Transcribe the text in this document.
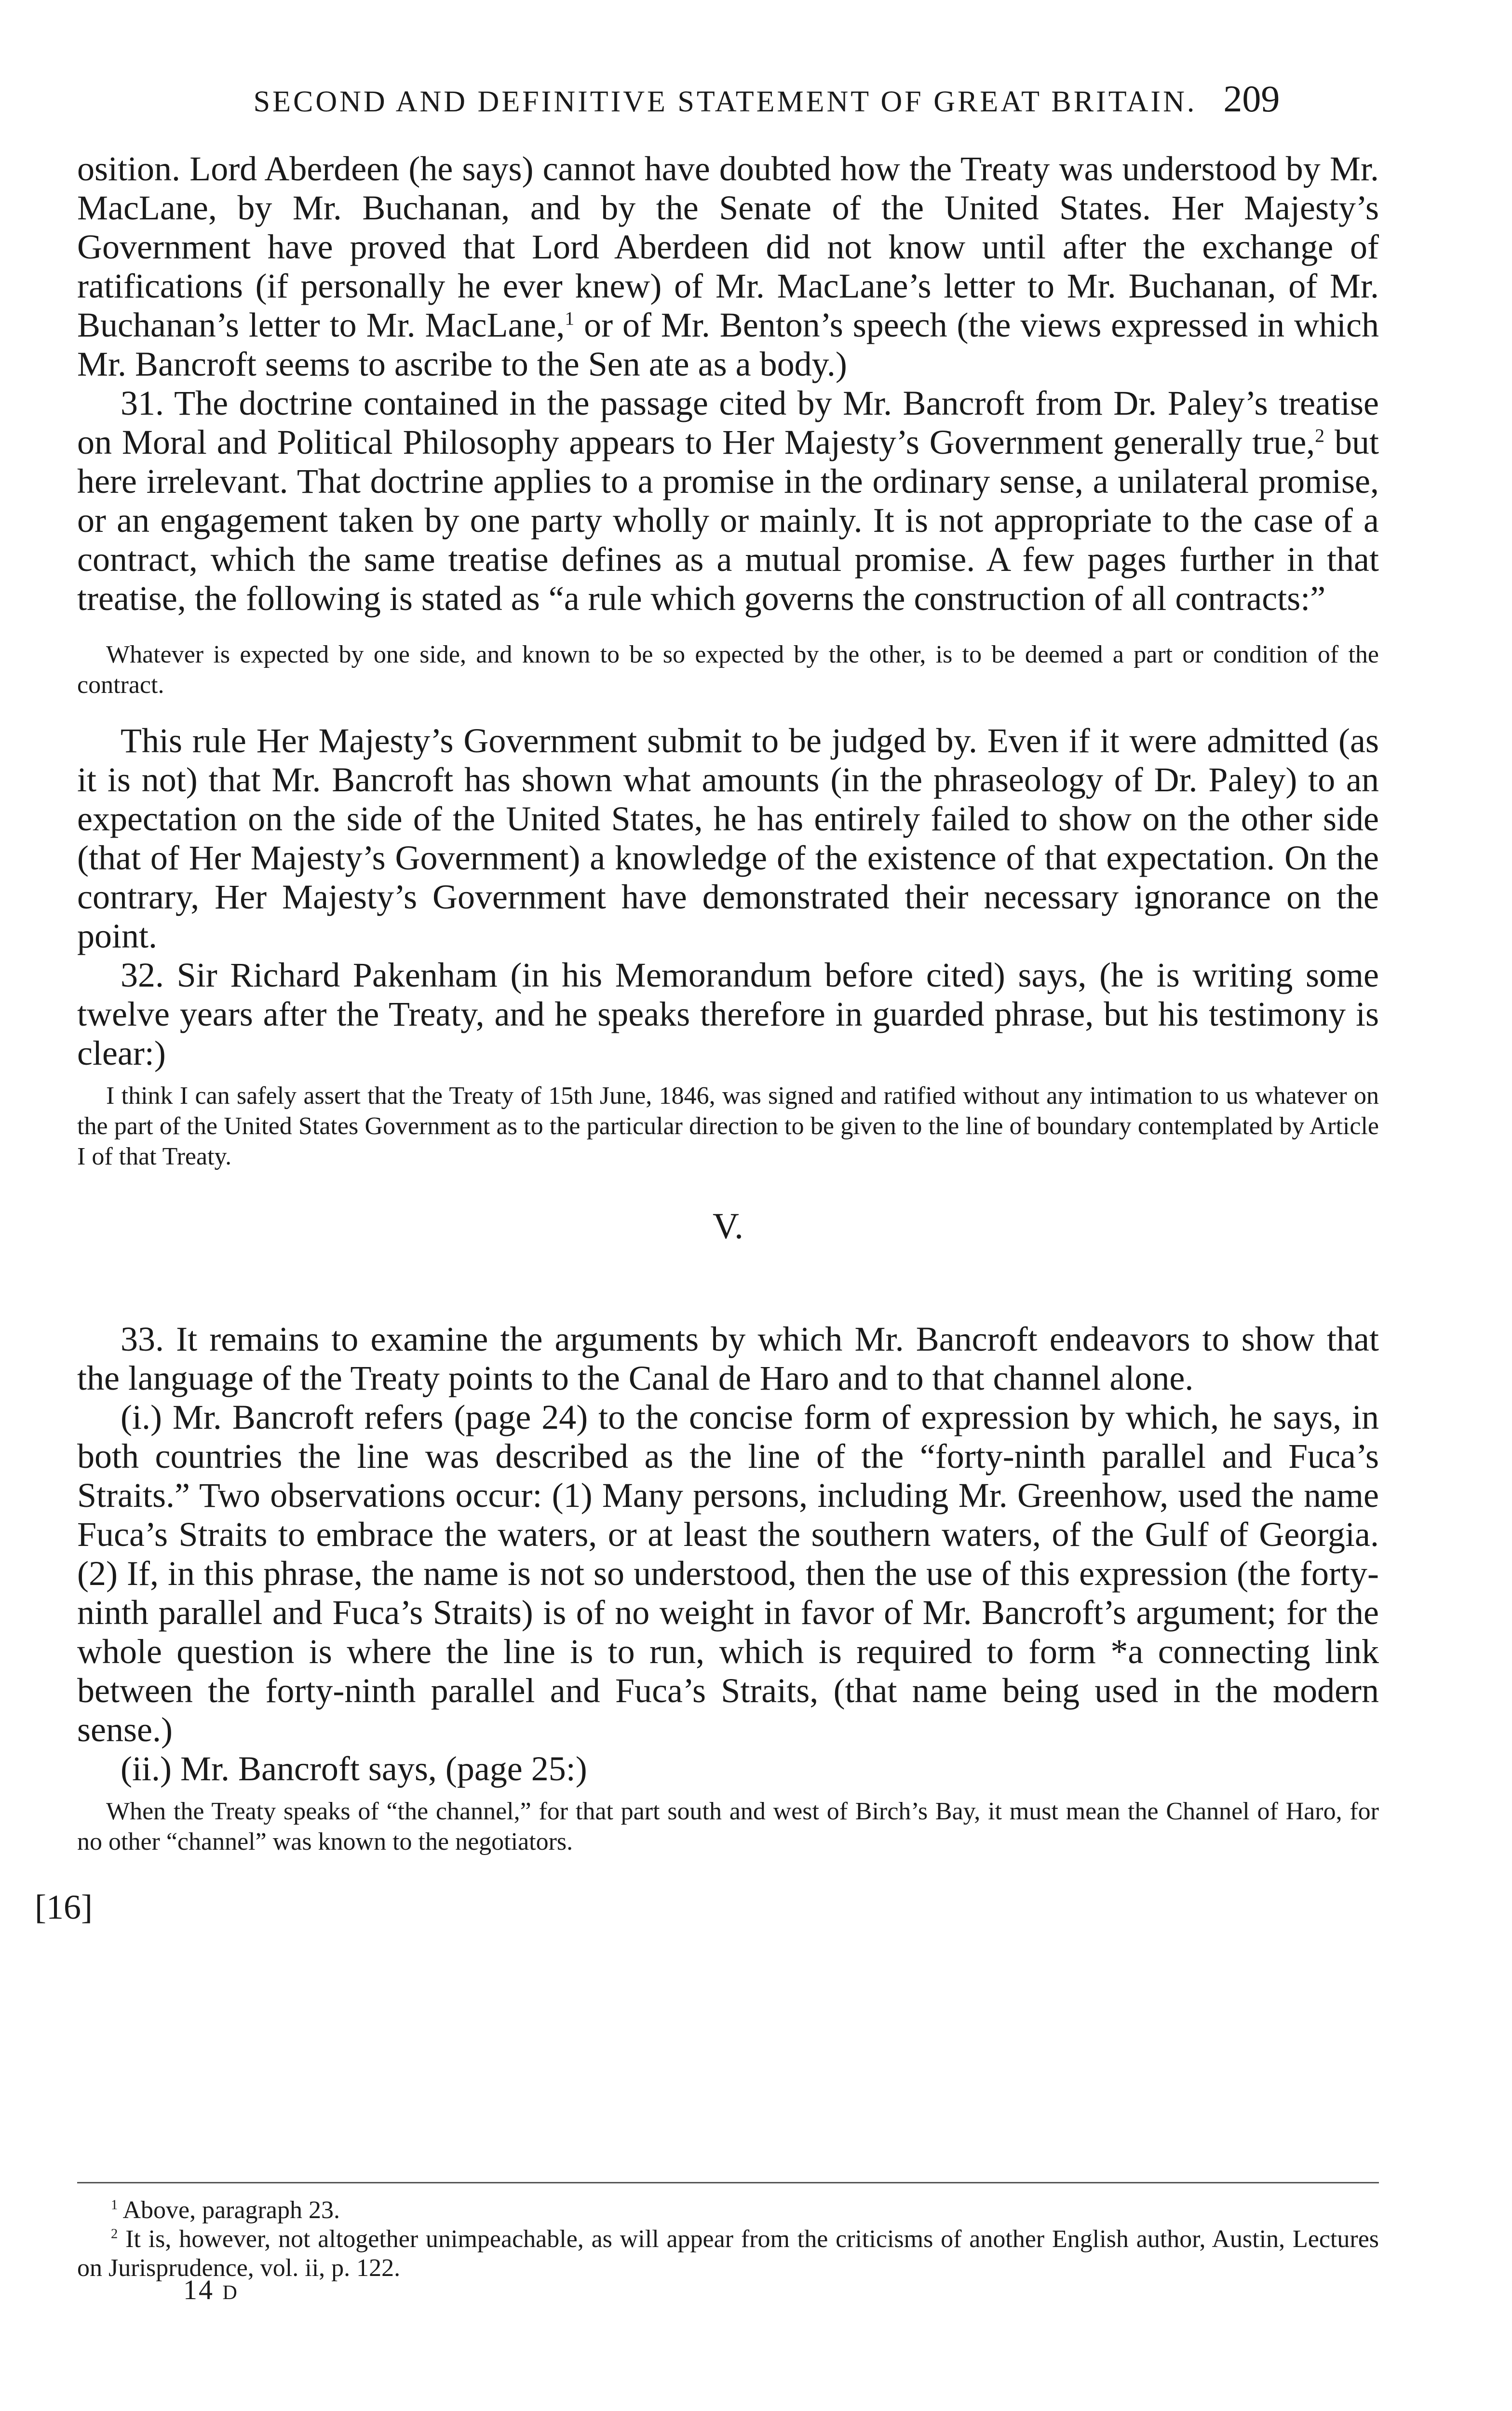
SECOND AND DEFINITIVE STATEMENT OF GREAT BRITAIN. 209

osition. Lord Aberdeen (he says) cannot have doubted how the Treaty was understood by Mr. MacLane, by Mr. Buchanan, and by the Senate of the United States. Her Majesty’s Government have proved that Lord Aberdeen did not know until after the exchange of ratifications (if personally he ever knew) of Mr. MacLane’s letter to Mr. Buchanan, of Mr. Buchanan’s letter to Mr. MacLane,$^1$ or of Mr. Benton’s speech (the views expressed in which Mr. Bancroft seems to ascribe to the Sen ate as a body.)

31. The doctrine contained in the passage cited by Mr. Bancroft from Dr. Paley’s treatise on Moral and Political Philosophy appears to Her Majesty’s Government generally true,$^2$ but here irrelevant. That doctrine applies to a promise in the ordinary sense, a unilateral promise, or an engagement taken by one party wholly or mainly. It is not appropriate to the case of a contract, which the same treatise defines as a mutual promise. A few pages further in that treatise, the following is stated as “a rule which governs the construction of all contracts:”

Whatever is expected by one side, and known to be so expected by the other, is to be deemed a part or condition of the contract.

This rule Her Majesty’s Government submit to be judged by. Even if it were admitted (as it is not) that Mr. Bancroft has shown what amounts (in the phraseology of Dr. Paley) to an expectation on the side of the United States, he has entirely failed to show on the other side (that of Her Majesty’s Government) a knowledge of the existence of that expectation. On the contrary, Her Majesty’s Government have demonstrated their necessary ignorance on the point.

32. Sir Richard Pakenham (in his Memorandum before cited) says, (he is writing some twelve years after the Treaty, and he speaks therefore in guarded phrase, but his testimony is clear:)

I think I can safely assert that the Treaty of 15th June, 1846, was signed and ratified without any intimation to us whatever on the part of the United States Government as to the particular direction to be given to the line of boundary contemplated by Article I of that Treaty.

V.

33. It remains to examine the arguments by which Mr. Bancroft endeavors to show that the language of the Treaty points to the Canal de Haro and to that channel alone.

(i.) Mr. Bancroft refers (page 24) to the concise form of expression by which, he says, in both countries the line was described as the line of the “forty-ninth parallel and Fuca’s Straits.” Two observations occur: (1) Many persons, including Mr. Greenhow, used the name Fuca’s Straits to embrace the waters, or at least the southern waters, of the Gulf of Georgia. (2) If, in this phrase, the name is not so understood, then the use of this expression (the forty-ninth parallel and Fuca’s Straits) is of no weight in favor of Mr. Bancroft’s argument; for the whole question is where the line is to run, which is required to form *a connecting link between the forty-ninth parallel and Fuca’s Straits, (that name being used in the modern sense.)

(ii.) Mr. Bancroft says, (page 25:)

When the Treaty speaks of “the channel,” for that part south and west of Birch’s Bay, it must mean the Channel of Haro, for no other “channel” was known to the negotiators.

[16]

$^1$ Above, paragraph 23.

$^2$ It is, however, not altogether unimpeachable, as will appear from the criticisms of another English author, Austin, Lectures on Jurisprudence, vol. ii, p. 122.

14 D
